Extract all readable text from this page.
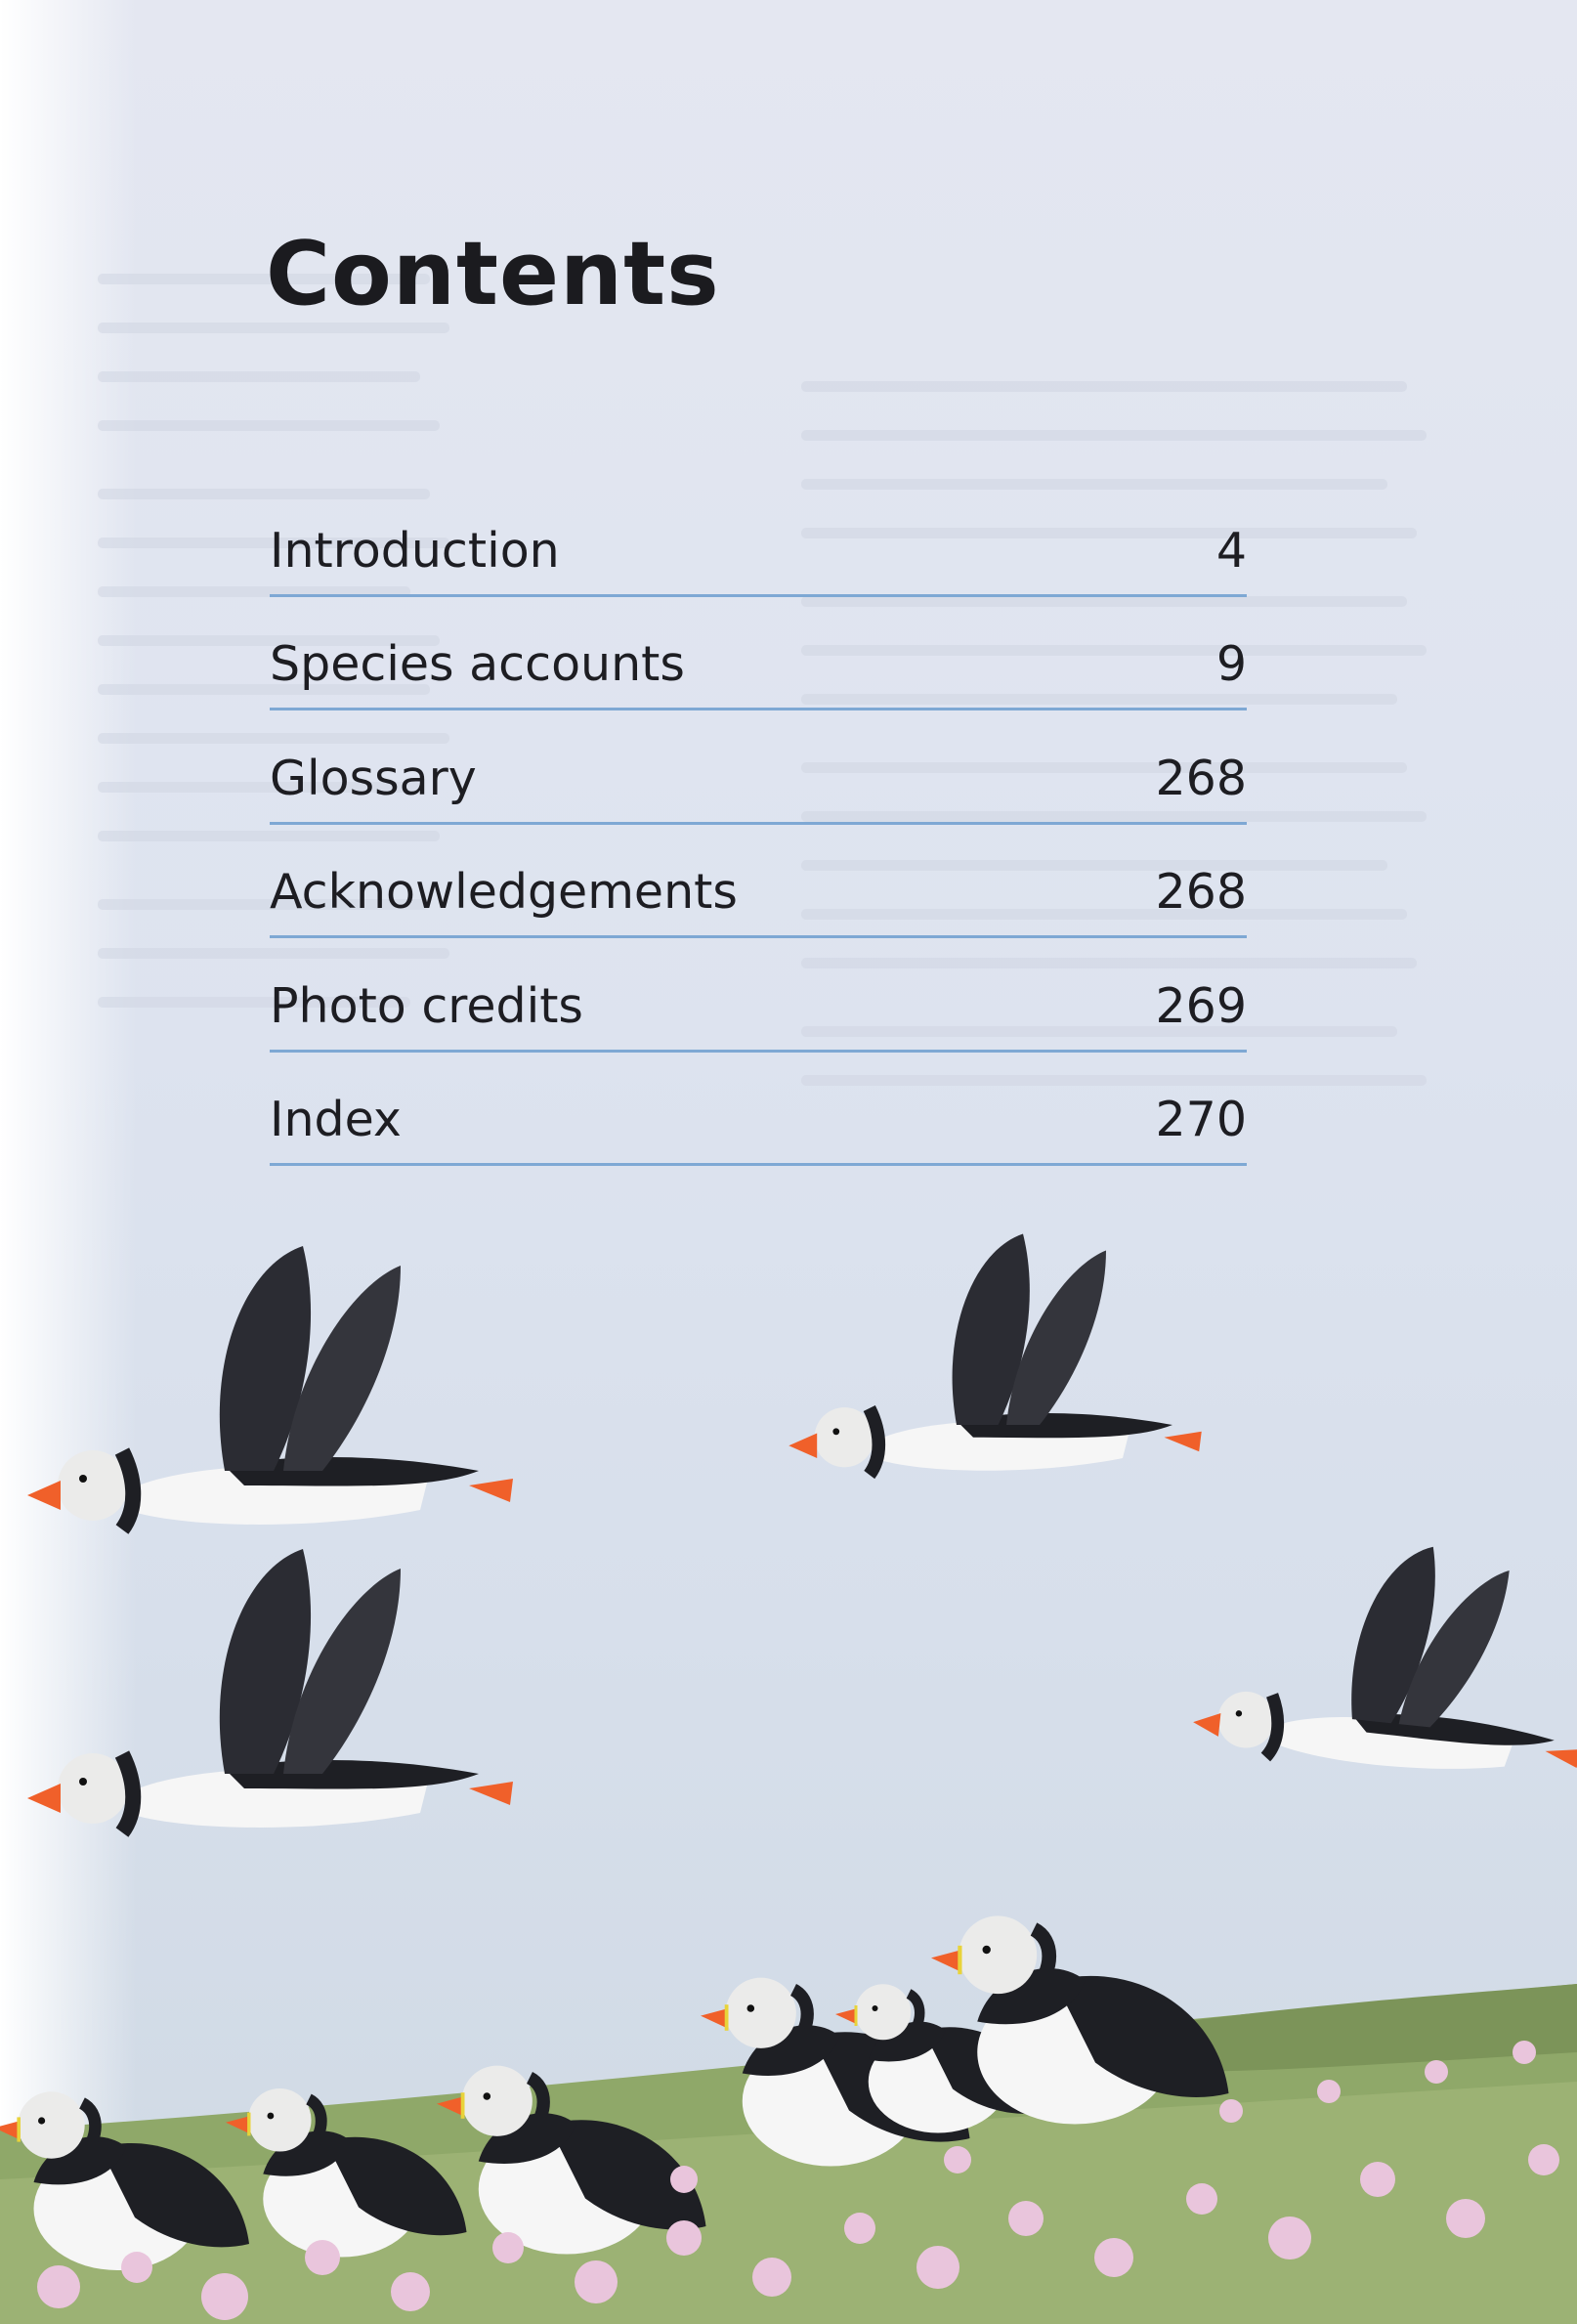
Contents
Introduction	4
Species accounts	9
Glossary	268
Acknowledgements	268
Photo credits	269
Index	270
